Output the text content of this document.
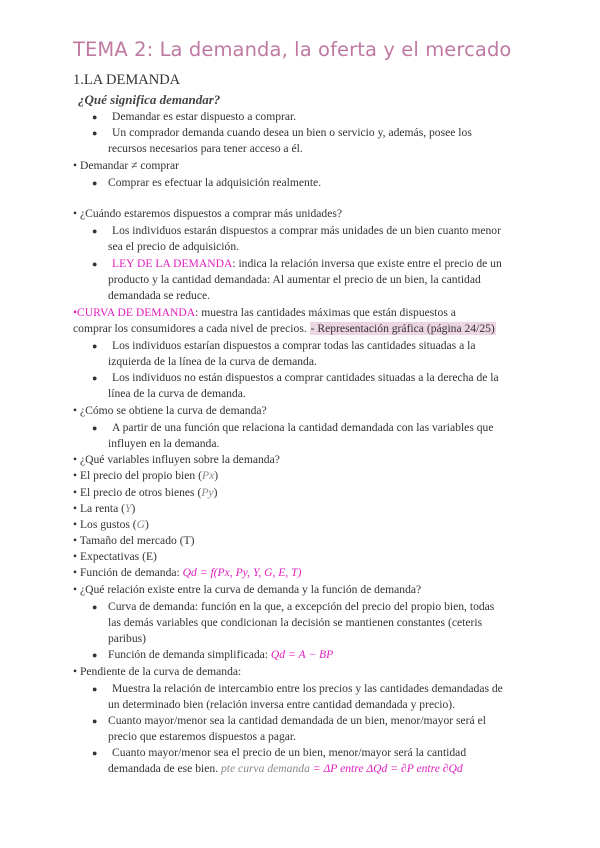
TEMA 2: La demanda, la oferta y el mercado
1.LA DEMANDA
¿Qué significa demandar?
● Demandar es estar dispuesto a comprar.
● Un comprador demanda cuando desea un bien o servicio y, además, posee los
recursos necesarios para tener acceso a él.
• Demandar ≠ comprar
● Comprar es efectuar la adquisición realmente.
• ¿Cuándo estaremos dispuestos a comprar más unidades?
● Los individuos estarán dispuestos a comprar más unidades de un bien cuanto menor
sea el precio de adquisición.
● LEY DE LA DEMANDA: indica la relación inversa que existe entre el precio de un
producto y la cantidad demandada: Al aumentar el precio de un bien, la cantidad
demandada se reduce.
•CURVA DE DEMANDA: muestra las cantidades máximas que están dispuestos a
comprar los consumidores a cada nivel de precios. - Representación gráfica (página 24/25)
● Los individuos estarían dispuestos a comprar todas las cantidades situadas a la
izquierda de la línea de la curva de demanda.
● Los individuos no están dispuestos a comprar cantidades situadas a la derecha de la
línea de la curva de demanda.
• ¿Cómo se obtiene la curva de demanda?
● A partir de una función que relaciona la cantidad demandada con las variables que
influyen en la demanda.
• ¿Qué variables influyen sobre la demanda?
• El precio del propio bien (Px)
• El precio de otros bienes (Py)
• La renta (Y)
• Los gustos (G)
• Tamaño del mercado (T)
• Expectativas (E)
• Función de demanda: Qd = f(Px, Py, Y, G, E, T)
• ¿Qué relación existe entre la curva de demanda y la función de demanda?
● Curva de demanda: función en la que, a excepción del precio del propio bien, todas
las demás variables que condicionan la decisión se mantienen constantes (ceteris
paribus)
● Función de demanda simplificada: Qd = A − BP
• Pendiente de la curva de demanda:
● Muestra la relación de intercambio entre los precios y las cantidades demandadas de
un determinado bien (relación inversa entre cantidad demandada y precio).
● Cuanto mayor/menor sea la cantidad demandada de un bien, menor/mayor será el
precio que estaremos dispuestos a pagar.
● Cuanto mayor/menor sea el precio de un bien, menor/mayor será la cantidad
demandada de ese bien. pte curva demanda = ΔP entre ΔQd = ∂P entre ∂Qd
